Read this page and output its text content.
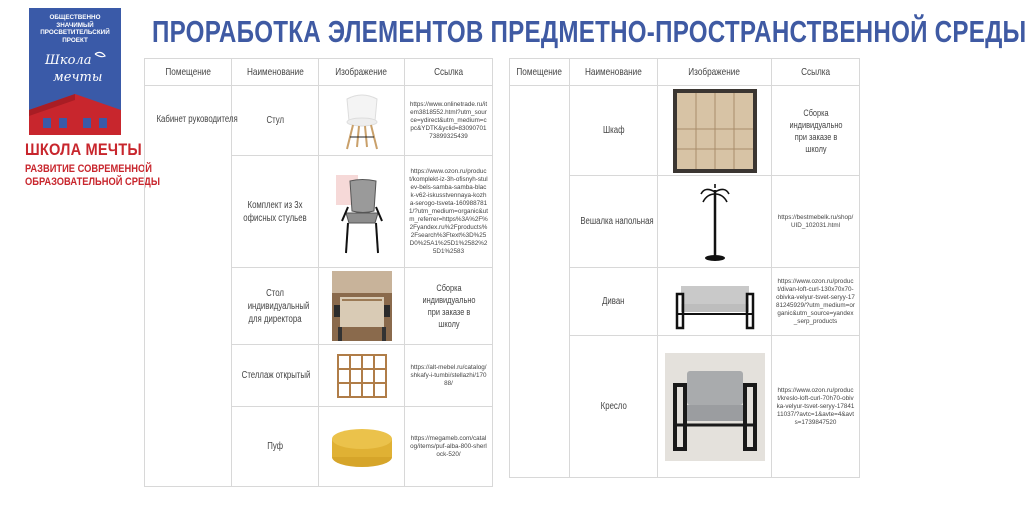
ОБЩЕСТВЕННО ЗНАЧИМЫЙ ПРОСВЕТИТЕЛЬСКИЙ ПРОЕКТ
Школа
мечты
ШКОЛА МЕЧТЫ
РАЗВИТИЕ СОВРЕМЕННОЙ
ОБРАЗОВАТЕЛЬНОЙ СРЕДЫ
ПРОРАБОТКА ЭЛЕМЕНТОВ ПРЕДМЕТНО-ПРОСТРАНСТВЕННОЙ СРЕДЫ
Помещение	Наименование	Изображение	Ссылка
Кабинет руководителя	Стул		https://www.onlinetrade.ru/item3818552.html?utm_source=ydirect&utm_medium=cpc&YDTK&yclid=8309070173899325439
	Комплект из 3х офисных стульев		https://www.ozon.ru/product/komplekt-iz-3h-ofisnyh-stulev-bels-samba-samba-black-v62-iskusstvennaya-kozha-serogo-tsveta-1609887811/?utm_medium=organic&utm_referrer=https%3A%2F%2Fyandex.ru%2Fproducts%2Fsearch%3Ftext%3D%25D0%25A1%25D1%2582%25D1%2583
	Стол индивидуальный для директора		Сборка индивидуально при заказе в школу
	Стеллаж открытый		https://alt-mebel.ru/catalog/shkafy-i-tumbi/stellazhi/17088/
	Пуф		https://megameb.com/catalog/items/puf-alba-800-sherlock-520/
Помещение	Наименование	Изображение	Ссылка
	Шкаф		Сборка индивидуально при заказе в школу
	Вешалка напольная		https://bestmebelk.ru/shop/UID_102031.html
	Диван		https://www.ozon.ru/product/divan-loft-curl-130x70x70-obivka-velyur-tsvet-seryy-1781245929/?utm_medium=organic&utm_source=yandex_serp_products
	Кресло		https://www.ozon.ru/product/kreslo-loft-curl-70h70-obivka-velyur-tsvet-seryy-1784111037/?avtc=1&avte=4&avts=1739847520
